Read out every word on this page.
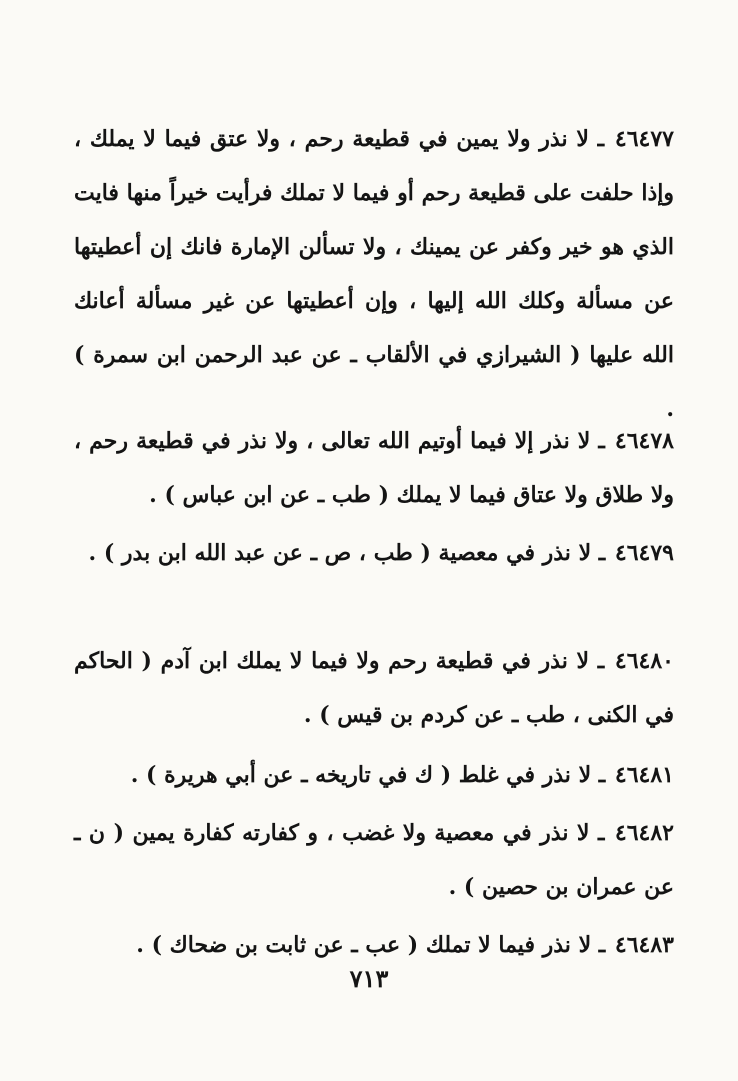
٤٦٤٧٧ ـ لا نذر ولا يمين في قطيعة رحم ، ولا عتق فيما لا يملك ، وإذا حلفت على قطيعة رحم أو فيما لا تملك فرأيت خيراً منها فايت الذي هو خير وكفر عن يمينك ، ولا تسألن الإمارة فانك إن أعطيتها عن مسألة وكلك الله إليها ، وإن أعطيتها عن غير مسألة أعانك الله عليها ( الشيرازي في الألقاب ـ عن عبد الرحمن ابن سمرة ) .

٤٦٤٧٨ ـ لا نذر إلا فيما أوتيم الله تعالى ، ولا نذر في قطيعة رحم ، ولا طلاق ولا عتاق فيما لا يملك ( طب ـ عن ابن عباس ) .

٤٦٤٧٩ ـ لا نذر في معصية ( طب ، ص ـ عن عبد الله ابن بدر ) .

٤٦٤٨٠ ـ لا نذر في قطيعة رحم ولا فيما لا يملك ابن آدم ( الحاكم في الكنى ، طب ـ عن كردم بن قيس ) .

٤٦٤٨١ ـ لا نذر في غلط ( ك في تاريخه ـ عن أبي هريرة ) .

٤٦٤٨٢ ـ لا نذر في معصية ولا غضب ، و كفارته كفارة يمين ( ن ـ عن عمران بن حصين ) .

٤٦٤٨٣ ـ لا نذر فيما لا تملك ( عب ـ عن ثابت بن ضحاك ) .

٧١٣
